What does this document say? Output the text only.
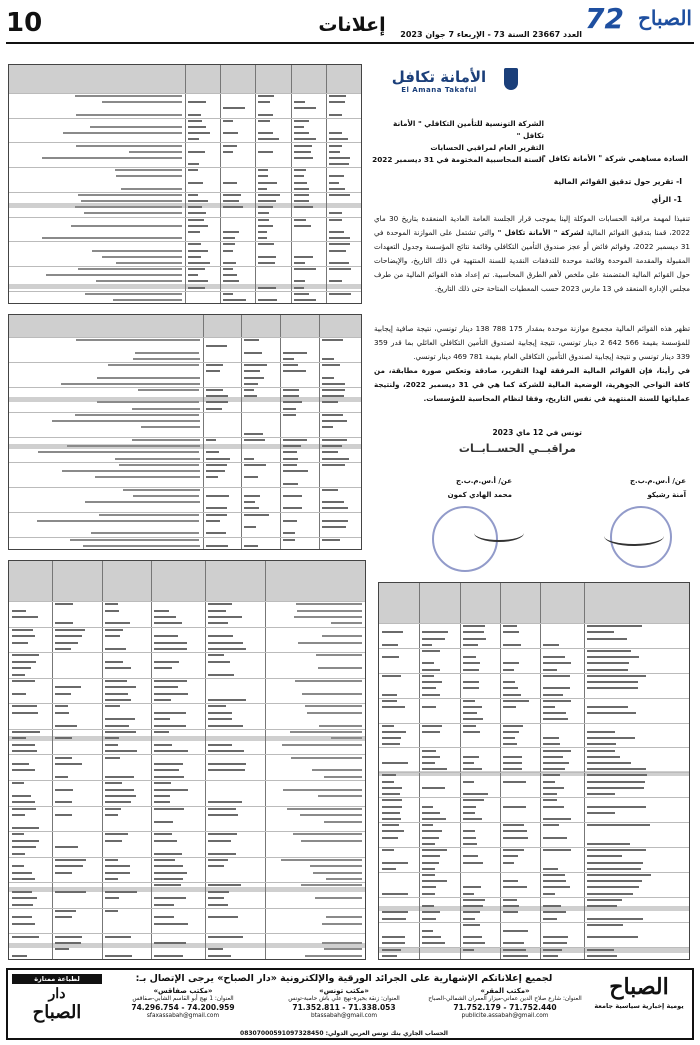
10	إعلانات	العدد 23667 السنة 73 - الإربعاء 7 جوان 2023 72 الصباح
الأمانة تكافل
El Amana Takaful
الشركة التونسية للتأمين التكافلي " الأمانة تكافل "
التقرير العام لمراقبي الحسابات
السنة المحاسبية المختومة في 31 ديسمبر 2022
السادة مساهمي شركة " الأمانة تكافل "،
I- تقرير حول تدقيق القوائم المالية
1- الرأي

تنفيذا لمهمة مراقبة الحسابات الموكلة إلينا بموجب قرار الجلسة العامة العادية المنعقدة بتاريخ 30 ماي 2022، قمنا بتدقيق القوائم المالية لشركة " الأمانة تكافل " والتي تشتمل على الموازنة الموحدة في 31 ديسمبر 2022، وقوائم فائض أو عجز صندوق التأمين التكافلي وقائمة نتائج المؤسسة وجدول التعهدات المقبولة والمقدمة الموحدة وقائمة موحدة للتدفقات النقدية للسنة المنتهية في ذلك التاريخ، والإيضاحات حول القوائم المالية المتضمنة على ملخص لأهم الطرق المحاسبية. تم إعداد هذه القوائم المالية من طرف مجلس الإدارة المنعقد في 13 مارس 2023 حسب المعطيات المتاحة حتى ذلك التاريخ.

تظهر هذه القوائم المالية مجموع موازنة موحدة بمقدار 175 788 138 دينار تونسي، نتيجة صافية إيجابية للمؤسسة بقيمة 566 642 2 دينار تونسي، نتيجة إيجابية لصندوق التأمين التكافلي العائلي بما قدر 359 339 دينار تونسي و نتيجة إيجابية لصندوق التأمين التكافلي العام بقيمة 781 469 دينار تونسي.

في رأينا، فإن القوائم المالية المرفقة لهذا التقرير، صادقة وتعكس صورة مطابقة، من كافة النواحي الجوهرية، الوضعية المالية للشركة كما هي في 31 ديسمبر 2022، ولنتيجة عملياتها للسنة المنتهية في نفس التاريخ، وفقا لنظام المحاسبة للمؤسسات.

تونس في 12 ماي 2023
مراقبــي الحســابــات
عن/ أ.س.م.ب.ج
محمد الهادي كمون
عن/ أ.س.م.ب.ج
آمنة رشيكو
الصباح
يومية إخبارية سياسية جامعة
لجميع إعلاناتكم الإشهارية على الجرائد الورقية والإلكترونية «دار الصباح» يرجى الإتصال بـ:
«مكتب المقر»
العنوان: شارع صلاح الدين عماني-ميزار العمران الشمالي-الصباح
71.752.179 - 71.752.440
publicite.assabah@gmail.com
«مكتب تونس»
العنوان: زنقة بحيرة-نهج علي باش حامبة-تونس
71.352.811 - 71.338.053
btassabah@gmail.com
«مكتب صفاقس»
العنوان: 1 نهج أبو القاسم الشابي-صفاقس
74.296.754 - 74.200.959
sfaxassabah@gmail.com
الحساب الجاري بنك تونس العربي الدولي: 08307000591097328450
لطباعة ممتازة
دار
الصباح
